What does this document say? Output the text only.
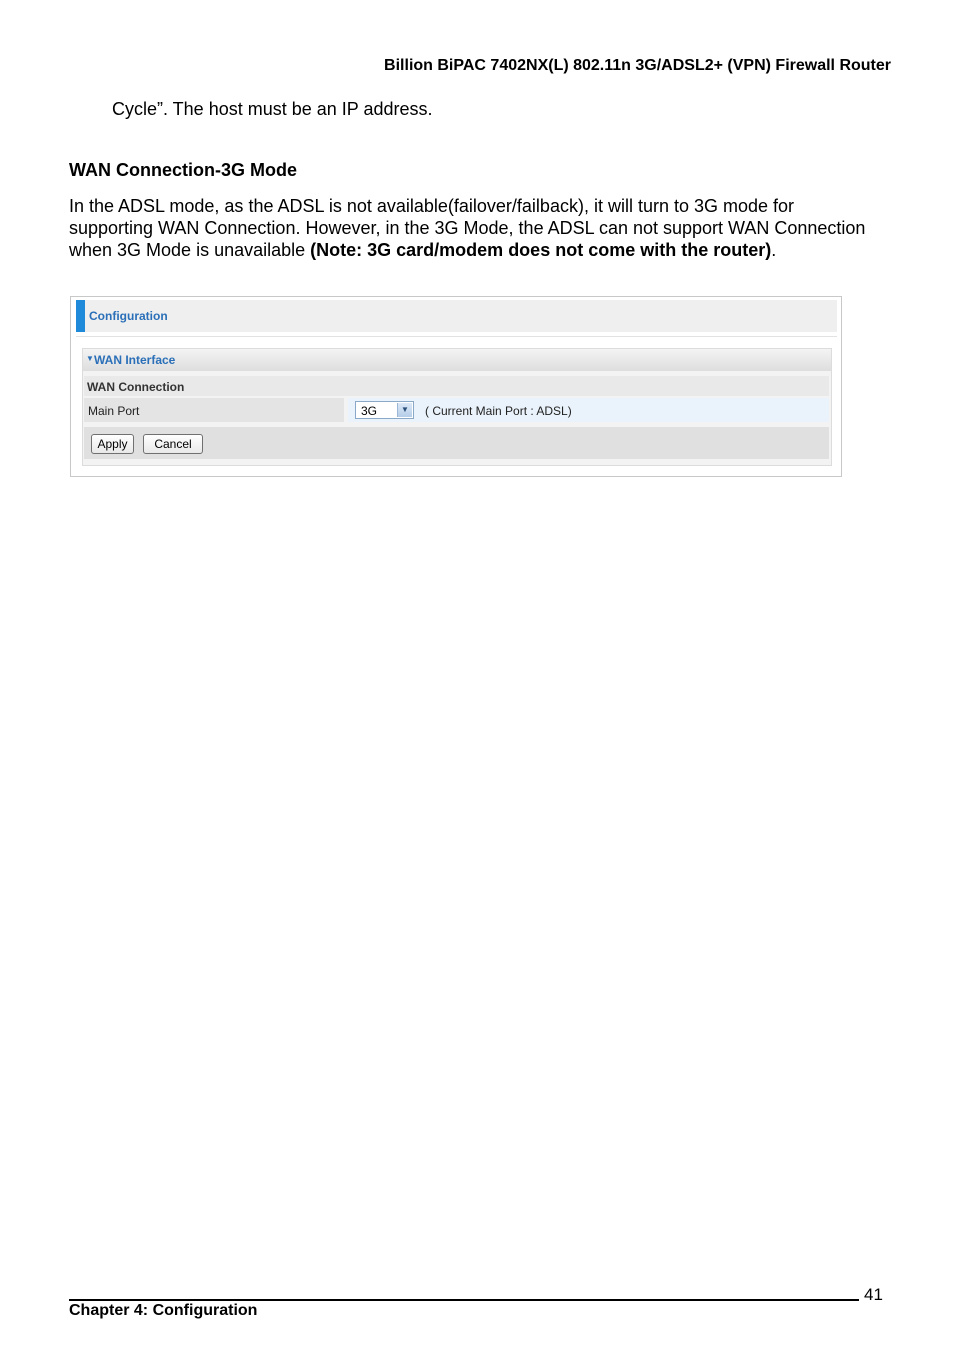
Billion BiPAC 7402NX(L) 802.11n 3G/ADSL2+ (VPN) Firewall Router
Cycle”. The host must be an IP address.
WAN Connection-3G Mode
In the ADSL mode, as the ADSL is not available(failover/failback), it will turn to 3G mode for supporting WAN Connection. However, in the 3G Mode, the ADSL can not support WAN Connection when 3G Mode is unavailable (Note: 3G card/modem does not come with the router).
Configuration
▼ WAN Interface
WAN Connection
Main Port	3G	▼ ( Current Main Port : ADSL)
Apply	Cancel
41
Chapter 4: Configuration
